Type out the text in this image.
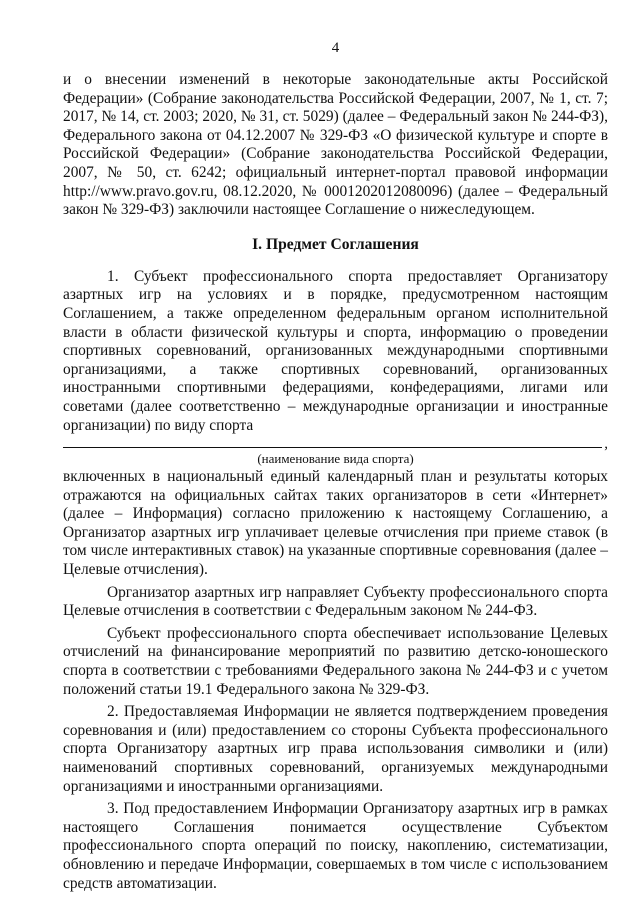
4

и о внесении изменений в некоторые законодательные акты Российской Федерации» (Собрание законодательства Российской Федерации, 2007, № 1, ст. 7; 2017, № 14, ст. 2003; 2020, № 31, ст. 5029) (далее – Федеральный закон № 244-ФЗ), Федерального закона от 04.12.2007 № 329-ФЗ «О физической культуре и спорте в Российской Федерации» (Собрание законодательства Российской Федерации, 2007, № 50, ст. 6242; официальный интернет-портал правовой информации http://www.pravo.gov.ru, 08.12.2020, № 0001202012080096) (далее – Федеральный закон № 329-ФЗ) заключили настоящее Соглашение о нижеследующем.

I. Предмет Соглашения

1. Субъект профессионального спорта предоставляет Организатору азартных игр на условиях и в порядке, предусмотренном настоящим Соглашением, а также определенном федеральным органом исполнительной власти в области физической культуры и спорта, информацию о проведении спортивных соревнований, организованных международными спортивными организациями, а также спортивных соревнований, организованных иностранными спортивными федерациями, конфедерациями, лигами или советами (далее соответственно – международные организации и иностранные организации) по виду спорта

,
(наименование вида спорта)

включенных в национальный единый календарный план и результаты которых отражаются на официальных сайтах таких организаторов в сети «Интернет» (далее – Информация) согласно приложению к настоящему Соглашению, а Организатор азартных игр уплачивает целевые отчисления при приеме ставок (в том числе интерактивных ставок) на указанные спортивные соревнования (далее – Целевые отчисления).

Организатор азартных игр направляет Субъекту профессионального спорта Целевые отчисления в соответствии с Федеральным законом № 244-ФЗ.

Субъект профессионального спорта обеспечивает использование Целевых отчислений на финансирование мероприятий по развитию детско-юношеского спорта в соответствии с требованиями Федерального закона № 244-ФЗ и с учетом положений статьи 19.1 Федерального закона № 329-ФЗ.

2. Предоставляемая Информации не является подтверждением проведения соревнования и (или) предоставлением со стороны Субъекта профессионального спорта Организатору азартных игр права использования символики и (или) наименований спортивных соревнований, организуемых международными организациями и иностранными организациями.

3. Под предоставлением Информации Организатору азартных игр в рамках настоящего Соглашения понимается осуществление Субъектом профессионального спорта операций по поиску, накоплению, систематизации, обновлению и передаче Информации, совершаемых в том числе с использованием средств автоматизации.
